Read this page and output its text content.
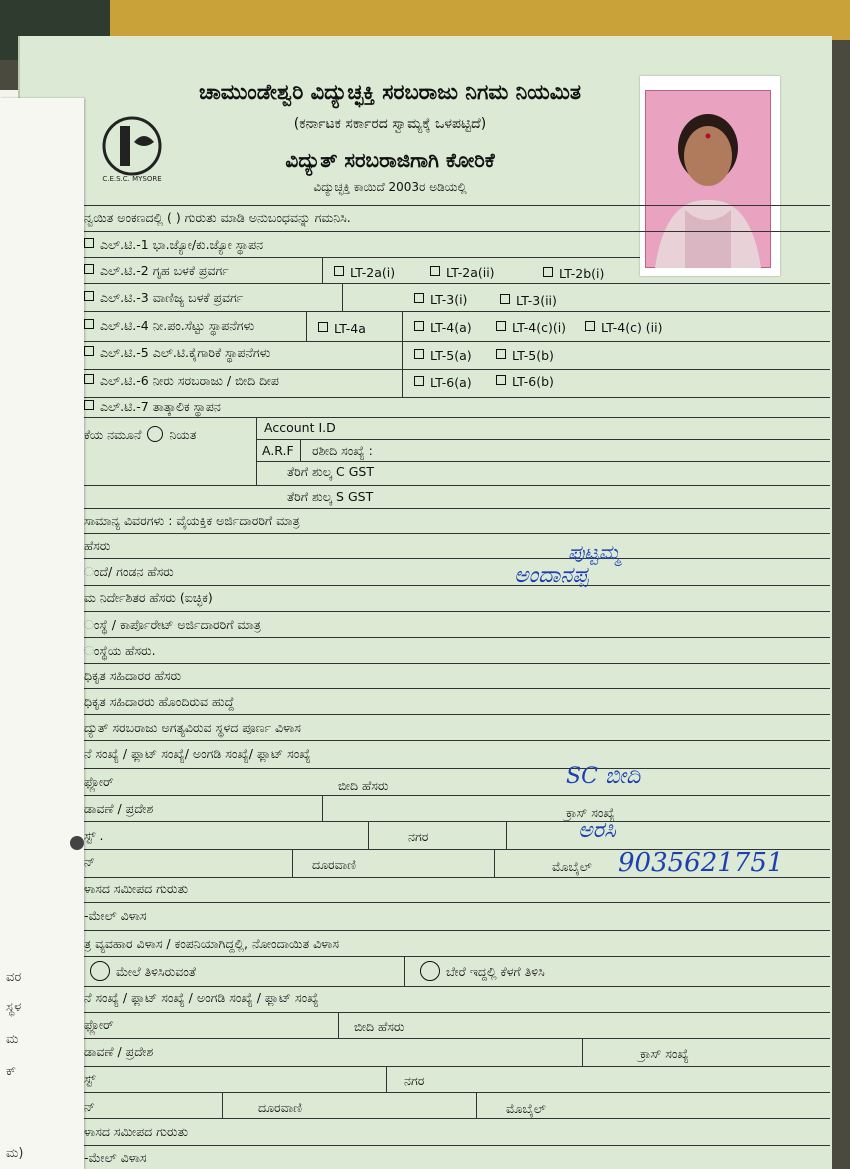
C.E.S.C. MYSORE
ಚಾಮುಂಡೇಶ್ವರಿ ವಿದ್ಯುಚ್ಛಕ್ತಿ ಸರಬರಾಜು ನಿಗಮ ನಿಯಮಿತ
(ಕರ್ನಾಟಕ ಸರ್ಕಾರದ ಸ್ವಾಮ್ಯಕ್ಕೆ ಒಳಪಟ್ಟಿದೆ)
ವಿದ್ಯುತ್ ಸರಬರಾಜಿಗಾಗಿ ಕೋರಿಕೆ
ವಿದ್ಯುಚ್ಛಕ್ತಿ ಕಾಯಿದೆ 2003ರ ಅಡಿಯಲ್ಲಿ
ನ್ವಯಿತ ಅಂಕಣದಲ್ಲಿ ( ) ಗುರುತು ಮಾಡಿ ಅನುಬಂಧವನ್ನು ಗಮನಿಸಿ.
ಎಲ್.ಟಿ.-1 ಭಾ.ಜ್ಯೋ/ಕು.ಜ್ಯೋ ಸ್ಥಾಪನ
ಎಲ್.ಟಿ.-2 ಗೃಹ ಬಳಕೆ ಪ್ರವರ್ಗ	LT-2a(i)	LT-2a(ii)	LT-2b(i)
ಎಲ್.ಟಿ.-3 ವಾಣಿಜ್ಯ ಬಳಕೆ ಪ್ರವರ್ಗ	LT-3(i)	LT-3(ii)
ಎಲ್.ಟಿ.-4 ನೀ.ಪಂ.ಸೆಟ್ಟು ಸ್ಥಾಪನೆಗಳು	LT-4a	LT-4(a)	LT-4(c)(i)	LT-4(c) (ii)
ಎಲ್.ಟಿ.-5 ಎಲ್.ಟಿ.ಕೈಗಾರಿಕೆ ಸ್ಥಾಪನೆಗಳು	LT-5(a)	LT-5(b)
ಎಲ್.ಟಿ.-6 ನೀರು ಸರಬರಾಜು / ಬೀದಿ ದೀಪ	LT-6(a)	LT-6(b)
ಎಲ್.ಟಿ.-7 ತಾತ್ಕಾಲಿಕ ಸ್ಥಾಪನ
ಕೆಯ ನಮೂನೆ ನಿಯತ	Account I.D
A.R.F ರಶೀದಿ ಸಂಖ್ಯೆ :
ತೆರಿಗೆ ಶುಲ್ಕ C GST
ತೆರಿಗೆ ಶುಲ್ಕ S GST
ಸಾಮಾನ್ಯ ವಿವರಗಳು : ವೈಯಕ್ತಿಕ ಅರ್ಜಿದಾರರಿಗೆ ಮಾತ್ರ
ಹೆಸರು
ಂದೆ/ ಗಂಡನ ಹೆಸರು
ಮ ನಿರ್ದೇಶಿತರ ಹೆಸರು (ಐಚ್ಛಿಕ)
ಂಸ್ಥೆ / ಕಾರ್ಪೊರೇಟ್ ಅರ್ಜಿದಾರರಿಗೆ ಮಾತ್ರ
ಂಸ್ಥೆಯ ಹೆಸರು.
ಧಿಕೃತ ಸಹಿದಾರರ ಹೆಸರು
ಧಿಕೃತ ಸಹಿದಾರರು ಹೊಂದಿರುವ ಹುದ್ದೆ
ದ್ಯುತ್ ಸರಬರಾಜು ಅಗತ್ಯವಿರುವ ಸ್ಥಳದ ಪೂರ್ಣ ವಿಳಾಸ
ನೆ ಸಂಖ್ಯೆ / ಫ್ಲಾಟ್ ಸಂಖ್ಯೆ/ ಅಂಗಡಿ ಸಂಖ್ಯೆ/ ಫ್ಲಾಟ್ ಸಂಖ್ಯೆ
ಫ್ಲೋರ್	ಬೀದಿ ಹೆಸರು
ಡಾವಣೆ / ಪ್ರದೇಶ	ಕ್ರಾಸ್ ಸಂಖ್ಯೆ
ಸ್ಟ್ .	ನಗರ
ನ್	ದೂರವಾಣಿ	ಮೊಬೈಲ್
ಳಾಸದ ಸಮೀಪದ ಗುರುತು
-ಮೇಲ್ ವಿಳಾಸ
ತ್ರ ವ್ಯವಹಾರ ವಿಳಾಸ / ಕಂಪನಿಯಾಗಿದ್ದಲ್ಲಿ, ನೋಂದಾಯಿತ ವಿಳಾಸ
ಮೇಲೆ ತಿಳಿಸಿರುವಂತೆ	ಬೇರೆ ಇದ್ದಲ್ಲಿ ಕೆಳಗೆ ತಿಳಿಸಿ
ನೆ ಸಂಖ್ಯೆ / ಫ್ಲಾಟ್ ಸಂಖ್ಯೆ / ಅಂಗಡಿ ಸಂಖ್ಯೆ / ಫ್ಲಾಟ್ ಸಂಖ್ಯೆ
ಫ್ಲೋರ್	ಬೀದಿ ಹೆಸರು
ಡಾವಣೆ / ಪ್ರದೇಶ	ಕ್ರಾಸ್ ಸಂಖ್ಯೆ
ಸ್ಟ್	ನಗರ
ನ್	ದೂರವಾಣಿ	ಮೊಬೈಲ್
ಳಾಸದ ಸಮೀಪದ ಗುರುತು
-ಮೇಲ್ ವಿಳಾಸ
ಪುಟ್ಟಮ್ಮ
ಅಂದಾನಪ್ಪ
SC ಬೀದಿ
ಅರಸಿ
9035621751
ವರ
ಸ್ಥಳ
ಮ
ಕ್
ಮ)
